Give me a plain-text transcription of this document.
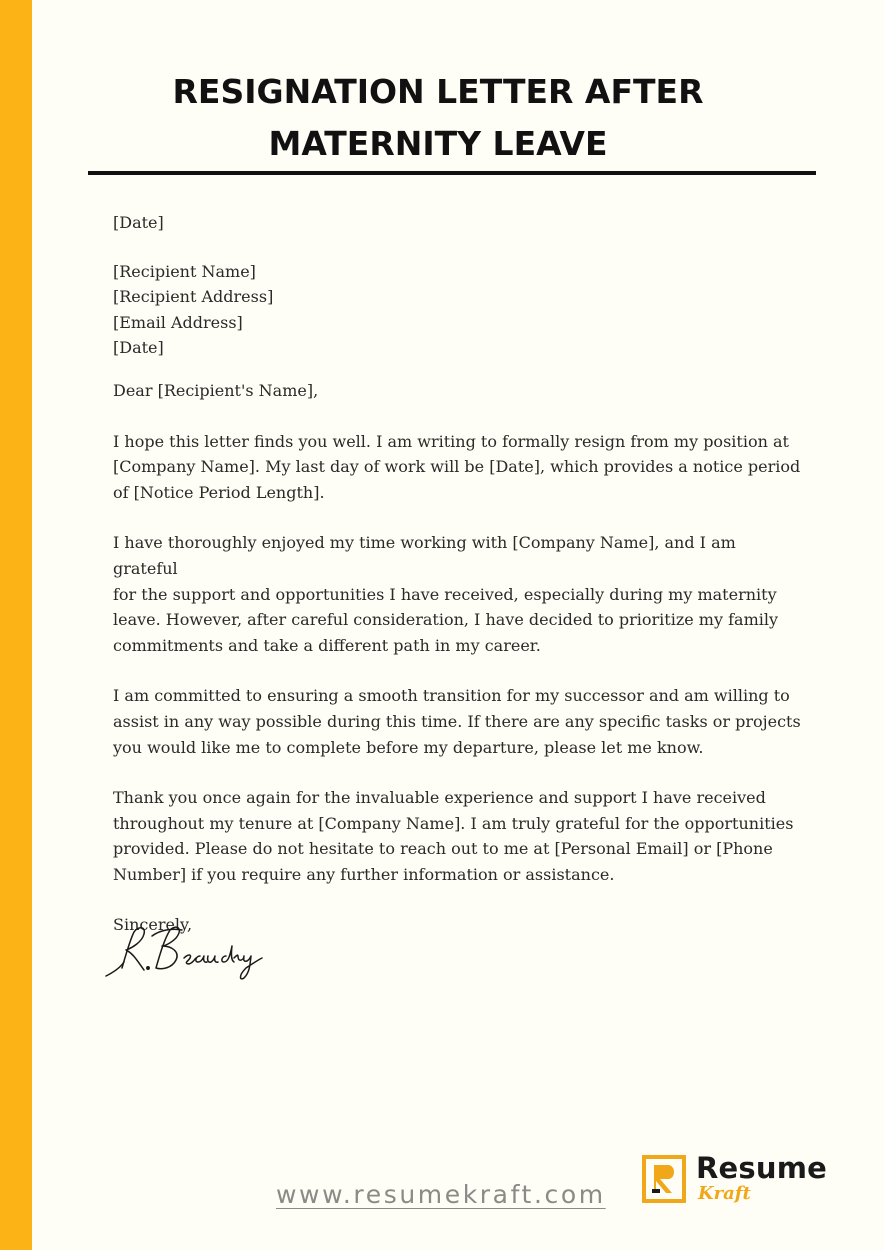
RESIGNATION LETTER AFTER
MATERNITY LEAVE

[Date]

[Recipient Name]

[Recipient Address]

[Email Address]

[Date]

Dear [Recipient's Name],

I hope this letter finds you well. I am writing to formally resign from my position at
[Company Name]. My last day of work will be [Date], which provides a notice period
of [Notice Period Length].

I have thoroughly enjoyed my time working with [Company Name], and I am grateful
for the support and opportunities I have received, especially during my maternity
leave. However, after careful consideration, I have decided to prioritize my family
commitments and take a different path in my career.

I am committed to ensuring a smooth transition for my successor and am willing to
assist in any way possible during this time. If there are any specific tasks or projects
you would like me to complete before my departure, please let me know.

Thank you once again for the invaluable experience and support I have received
throughout my tenure at [Company Name]. I am truly grateful for the opportunities
provided. Please do not hesitate to reach out to me at [Personal Email] or [Phone
Number] if you require any further information or assistance.

Sincerely,

www.resumekraft.com
Resume
Kraft
